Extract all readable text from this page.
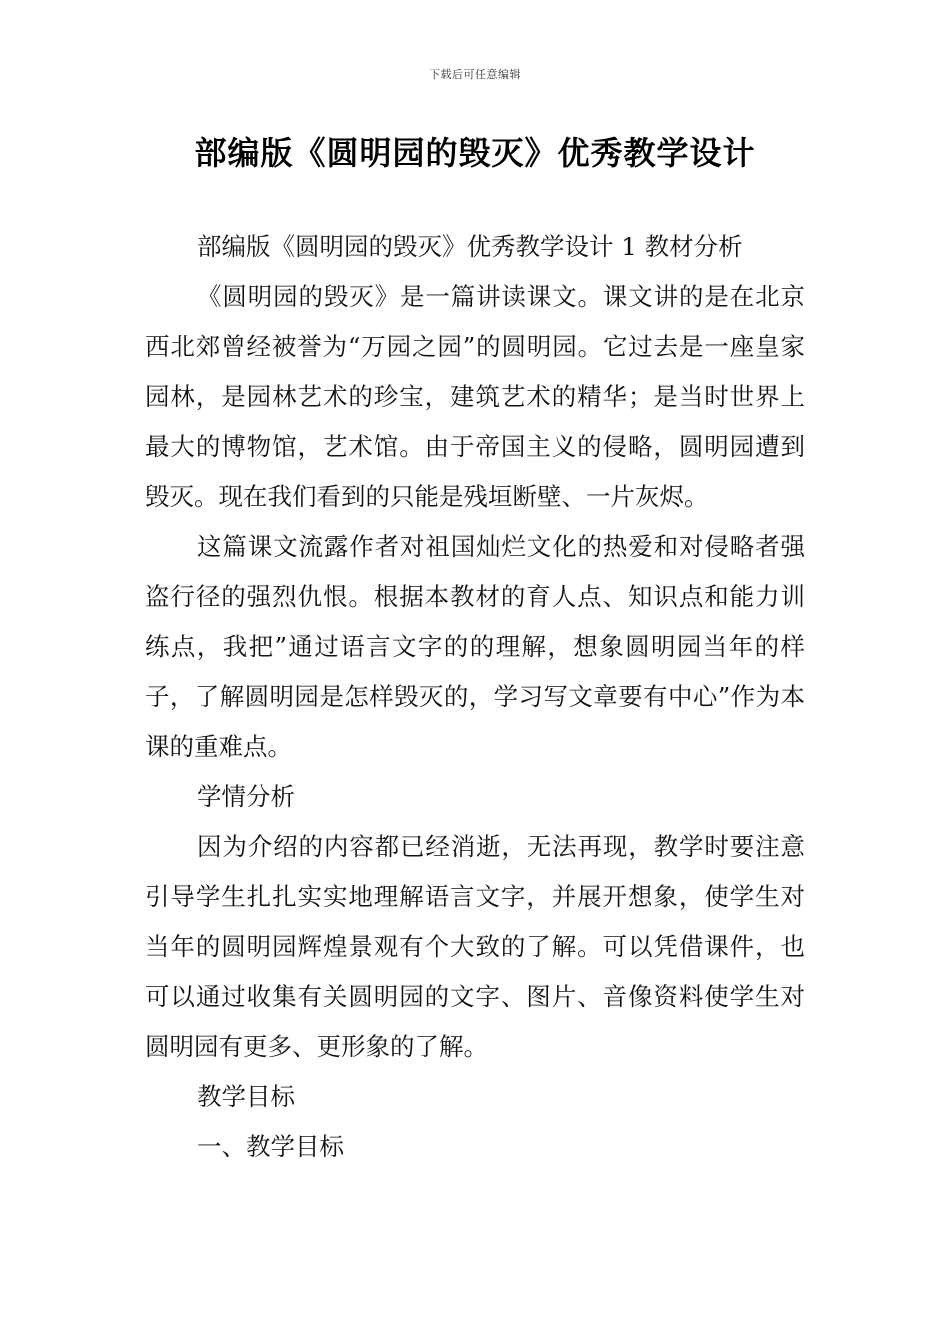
下载后可任意编辑
部编版《圆明园的毁灭》优秀教学设计

部编版《圆明园的毁灭》优秀教学设计 1 教材分析

《圆明园的毁灭》是一篇讲读课文。课文讲的是在北京西北郊曾经被誉为“万园之园”的圆明园。它过去是一座皇家园林，是园林艺术的珍宝，建筑艺术的精华；是当时世界上最大的博物馆，艺术馆。由于帝国主义的侵略，圆明园遭到毁灭。现在我们看到的只能是残垣断壁、一片灰烬。

这篇课文流露作者对祖国灿烂文化的热爱和对侵略者强盗行径的强烈仇恨。根据本教材的育人点、知识点和能力训练点，我把”通过语言文字的的理解，想象圆明园当年的样子，了解圆明园是怎样毁灭的，学习写文章要有中心”作为本课的重难点。

学情分析

因为介绍的内容都已经消逝，无法再现，教学时要注意引导学生扎扎实实地理解语言文字，并展开想象，使学生对当年的圆明园辉煌景观有个大致的了解。可以凭借课件，也可以通过收集有关圆明园的文字、图片、音像资料使学生对圆明园有更多、更形象的了解。

教学目标

一、教学目标
